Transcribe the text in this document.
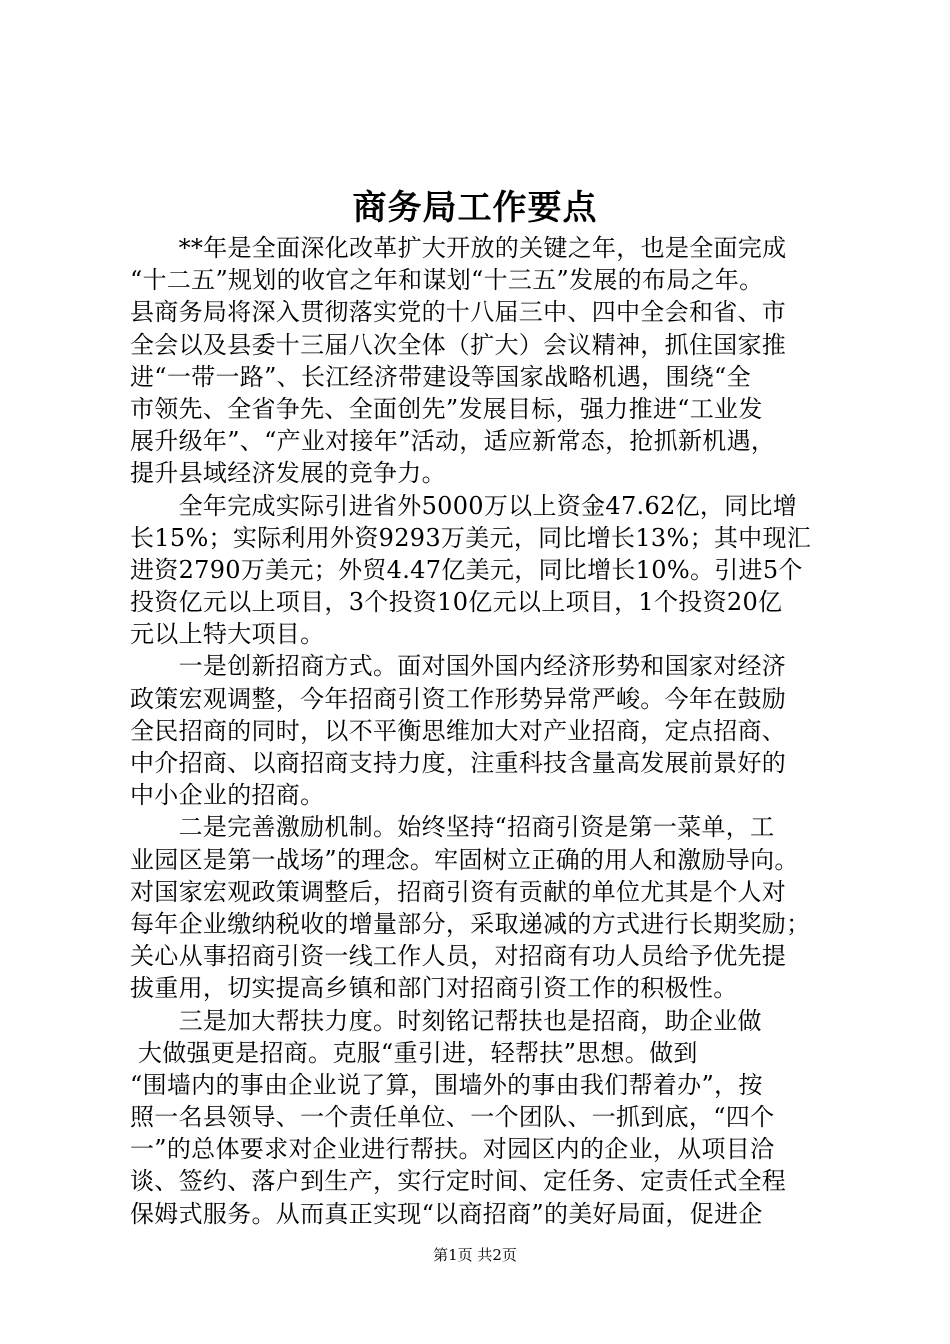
商务局工作要点
　　**年是全面深化改革扩大开放的关键之年，也是全面完成
“十二五”规划的收官之年和谋划“十三五”发展的布局之年。
县商务局将深入贯彻落实党的十八届三中、四中全会和省、市
全会以及县委十三届八次全体（扩大）会议精神，抓住国家推
进“一带一路”、长江经济带建设等国家战略机遇，围绕“全
市领先、全省争先、全面创先”发展目标，强力推进“工业发
展升级年”、“产业对接年”活动，适应新常态，抢抓新机遇，
提升县域经济发展的竞争力。
　　全年完成实际引进省外5000万以上资金47.62亿，同比增
长15%；实际利用外资9293万美元，同比增长13%；其中现汇
进资2790万美元；外贸4.47亿美元，同比增长10%。引进5个
投资亿元以上项目，3个投资10亿元以上项目，1个投资20亿
元以上特大项目。
　　一是创新招商方式。面对国外国内经济形势和国家对经济
政策宏观调整，今年招商引资工作形势异常严峻。今年在鼓励
全民招商的同时，以不平衡思维加大对产业招商，定点招商、
中介招商、以商招商支持力度，注重科技含量高发展前景好的
中小企业的招商。
　　二是完善激励机制。始终坚持“招商引资是第一菜单，工
业园区是第一战场”的理念。牢固树立正确的用人和激励导向。
对国家宏观政策调整后，招商引资有贡献的单位尤其是个人对
每年企业缴纳税收的增量部分，采取递减的方式进行长期奖励；
关心从事招商引资一线工作人员，对招商有功人员给予优先提
拔重用，切实提高乡镇和部门对招商引资工作的积极性。
　　三是加大帮扶力度。时刻铭记帮扶也是招商，助企业做
大做强更是招商。克服“重引进，轻帮扶”思想。做到
“围墙内的事由企业说了算，围墙外的事由我们帮着办”，按
照一名县领导、一个责任单位、一个团队、一抓到底，“四个
一”的总体要求对企业进行帮扶。对园区内的企业，从项目洽
谈、签约、落户到生产，实行定时间、定任务、定责任式全程
保姆式服务。从而真正实现“以商招商”的美好局面，促进企
第1页 共2页
